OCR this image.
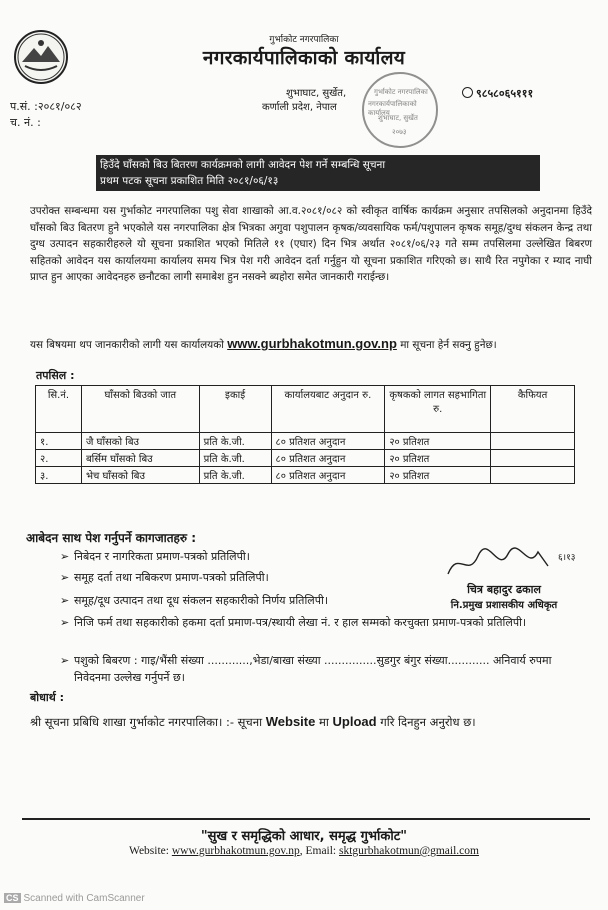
गुर्भाकोट नगरपालिका
नगरकार्यपालिकाको कार्यालय
शुभाघाट, सुर्खेत,
कर्णाली प्रदेश, नेपाल
९८५८०६५१११
प.सं. :२०८१/०८२
च. नं. :
गुर्भाकोट नगरपालिका
नगरकार्यपालिकाको कार्यालय
शुभाघाट, सुर्खेत
२०७३
हिउँदे घाँसको बिउ बितरण कार्यक्रमको लागी आवेदन पेश गर्ने सम्बन्धि सूचना
प्रथम पटक सूचना प्रकाशित मिति २०८१/०६/१३
उपरोक्त सम्बन्धमा यस गुर्भाकोट नगरपालिका पशु सेवा शाखाको आ.व.२०८१/०८२ को स्वीकृत वार्षिक कार्यक्रम अनुसार तपसिलको अनुदानमा हिउँदे घाँसको बिउ बितरण हुने भएकोले यस नगरपालिका क्षेत्र भित्रका अगुवा पशुपालन कृषक/व्यवसायिक फर्म/पशुपालन कृषक समूह/दुग्ध संकलन केन्द्र तथा दुग्ध उत्पादन सहकारीहरुले यो सूचना प्रकाशित भएको मितिले ११ (एघार) दिन भित्र अर्थात २०८१/०६/२३ गते सम्म तपसिलमा उल्लेखित बिबरण सहितको आवेदन यस कार्यालयमा कार्यालय समय भित्र पेश गरी आवेदन दर्ता गर्नुहुन यो सूचना प्रकाशित गरिएको छ। साथै रित नपुगेका र म्याद नाघी प्राप्त हुन आएका आवेदनहरु छनौटका लागी समाबेश हुन नसक्ने ब्यहोरा समेत जानकारी गराईन्छ।
यस बिषयमा थप जानकारीको लागी यस कार्यालयको www.gurbhakotmun.gov.np मा सूचना हेर्न सक्नु हुनेछ।
तपसिल :
सि.नं.	घाँसको बिउको जात	इकाई	कार्यालयबाट अनुदान रु.	कृषकको लागत सहभागिता रु.	कैफियत
१.	जै घाँसको बिउ	प्रति के.जी.	८० प्रतिशत अनुदान	२० प्रतिशत	
२.	बर्सिम घाँसको बिउ	प्रति के.जी.	८० प्रतिशत अनुदान	२० प्रतिशत	
३.	भेच घाँसको बिउ	प्रति के.जी.	८० प्रतिशत अनुदान	२० प्रतिशत	
आबेदन साथ पेश गर्नुपर्ने कागजातहरु :
➢ निबेदन र नागरिकता प्रमाण-पत्रको प्रतिलिपी।
➢ समूह दर्ता तथा नबिकरण प्रमाण-पत्रको प्रतिलिपी।
➢ समूह/दूध उत्पादन तथा दूध संकलन सहकारीको निर्णय प्रतिलिपी।
➢ निजि फर्म तथा सहकारीको हकमा दर्ता प्रमाण-पत्र/स्थायी लेखा नं. र हाल सम्मको करचुक्ता प्रमाण-पत्रको प्रतिलिपी।
➢ पशुको बिबरण : गाइ/भैंसी संख्या ............,भेडा/बाखा संख्या ...............सुडगुर बंगुर संख्या............ अनिवार्य रुपमा निवेदनमा उल्लेख गर्नुपर्ने छ।
६।१३
चित्र बहादुर ढकाल
नि.प्रमुख प्रशासकीय अधिकृत
बोधार्थ :
श्री सूचना प्रबिधि शाखा गुर्भाकोट नगरपालिका। :- सूचना Website मा Upload गरि दिनहुन अनुरोध छ।
"सुख र समृद्धिको आधार, समृद्ध गुर्भाकोट"
Website: www.gurbhakotmun.gov.np, Email: sktgurbhakotmun@gmail.com
CS Scanned with CamScanner
